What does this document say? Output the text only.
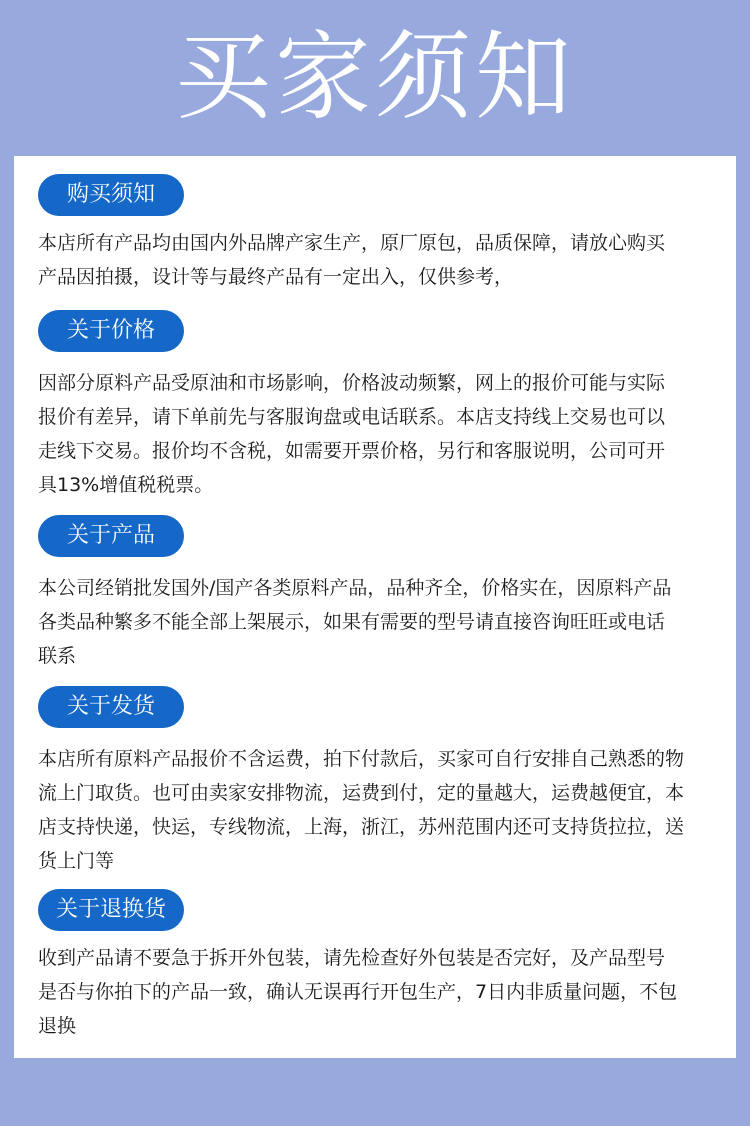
买家须知
购买须知

本店所有产品均由国内外品牌产家生产，原厂原包，品质保障，请放心购买
产品因拍摄，设计等与最终产品有一定出入，仅供参考，

关于价格

因部分原料产品受原油和市场影响，价格波动频繁，网上的报价可能与实际
报价有差异，请下单前先与客服询盘或电话联系。本店支持线上交易也可以
走线下交易。报价均不含税，如需要开票价格，另行和客服说明，公司可开
具13%增值税税票。

关于产品

本公司经销批发国外/国产各类原料产品，品种齐全，价格实在，因原料产品
各类品种繁多不能全部上架展示，如果有需要的型号请直接咨询旺旺或电话
联系

关于发货

本店所有原料产品报价不含运费，拍下付款后，买家可自行安排自己熟悉的物
流上门取货。也可由卖家安排物流，运费到付，定的量越大，运费越便宜，本
店支持快递，快运，专线物流，上海，浙江，苏州范围内还可支持货拉拉，送
货上门等

关于退换货

收到产品请不要急于拆开外包装，请先检查好外包装是否完好，及产品型号
是否与你拍下的产品一致，确认无误再行开包生产，7日内非质量问题，不包
退换
